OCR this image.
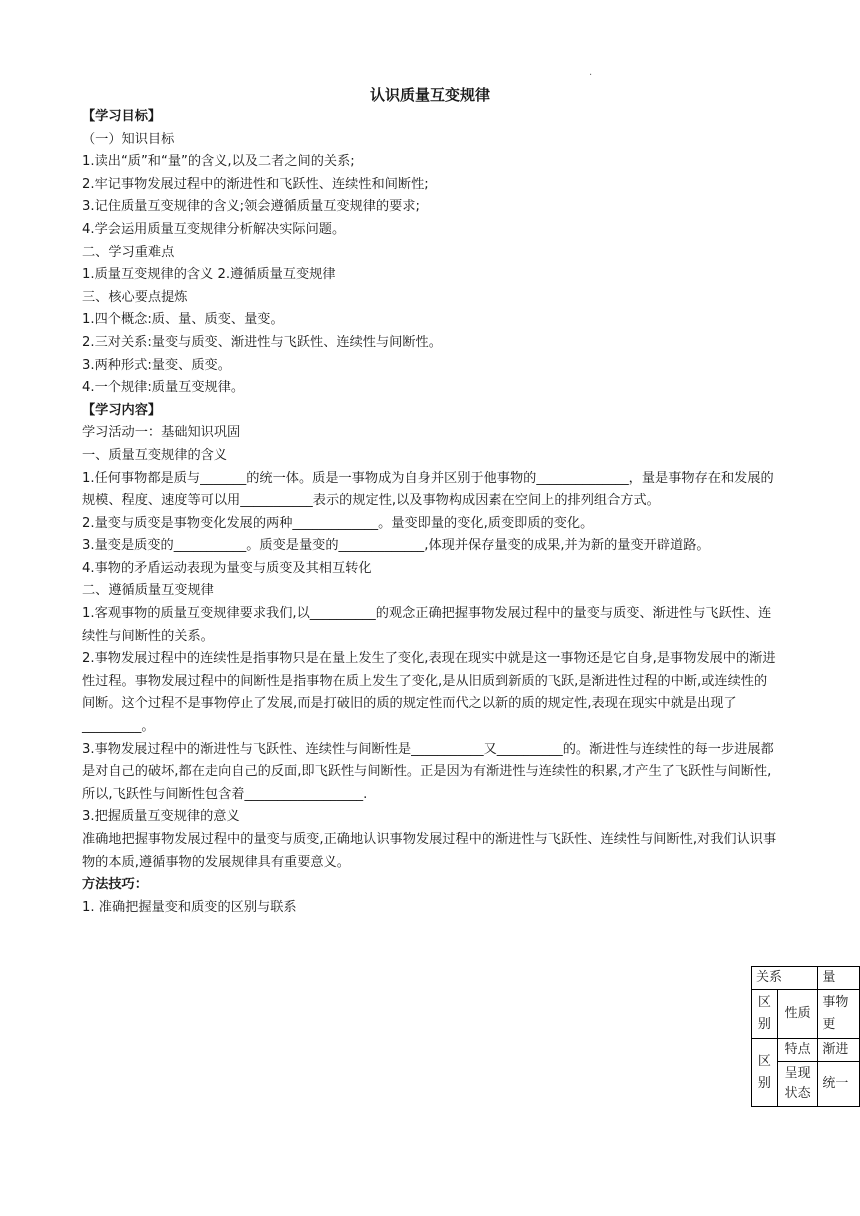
·
认识质量互变规律

【学习目标】

（一）知识目标

1.读出“质”和“量”的含义,以及二者之间的关系;

2.牢记事物发展过程中的渐进性和飞跃性、连续性和间断性;

3.记住质量互变规律的含义;领会遵循质量互变规律的要求;

4.学会运用质量互变规律分析解决实际问题。

二、学习重难点

1.质量互变规律的含义 2.遵循质量互变规律

三、核心要点提炼

1.四个概念:质、量、质变、量变。

2.三对关系:量变与质变、渐进性与飞跃性、连续性与间断性。

3.两种形式:量变、质变。

4.一个规律:质量互变规律。

【学习内容】

学习活动一：基础知识巩固

一、质量互变规律的含义

1.任何事物都是质与_______的统一体。质是一事物成为自身并区别于他事物的______________，量是事物存在和发展的规模、程度、速度等可以用___________表示的规定性,以及事物构成因素在空间上的排列组合方式。

2.量变与质变是事物变化发展的两种_____________。量变即量的变化,质变即质的变化。

3.量变是质变的___________。质变是量变的_____________,体现并保存量变的成果,并为新的量变开辟道路。

4.事物的矛盾运动表现为量变与质变及其相互转化

二、遵循质量互变规律

1.客观事物的质量互变规律要求我们,以__________的观念正确把握事物发展过程中的量变与质变、渐进性与飞跃性、连续性与间断性的关系。

2.事物发展过程中的连续性是指事物只是在量上发生了变化,表现在现实中就是这一事物还是它自身,是事物发展中的渐进性过程。事物发展过程中的间断性是指事物在质上发生了变化,是从旧质到新质的飞跃,是渐进性过程的中断,或连续性的间断。这个过程不是事物停止了发展,而是打破旧的质的规定性而代之以新的质的规定性,表现在现实中就是出现了_________。

3.事物发展过程中的渐进性与飞跃性、连续性与间断性是___________又__________的。渐进性与连续性的每一步进展都是对自己的破坏,都在走向自己的反面,即飞跃性与间断性。正是因为有渐进性与连续性的积累,才产生了飞跃性与间断性,所以,飞跃性与间断性包含着__________________.

3.把握质量互变规律的意义

准确地把握事物发展过程中的量变与质变,正确地认识事物发展过程中的渐进性与飞跃性、连续性与间断性,对我们认识事物的本质,遵循事物的发展规律具有重要意义。

方法技巧：

1. 准确把握量变和质变的区别与联系

关系		量
区别	性质	事物更
区别	特点	渐进
	呈现状态	统一
